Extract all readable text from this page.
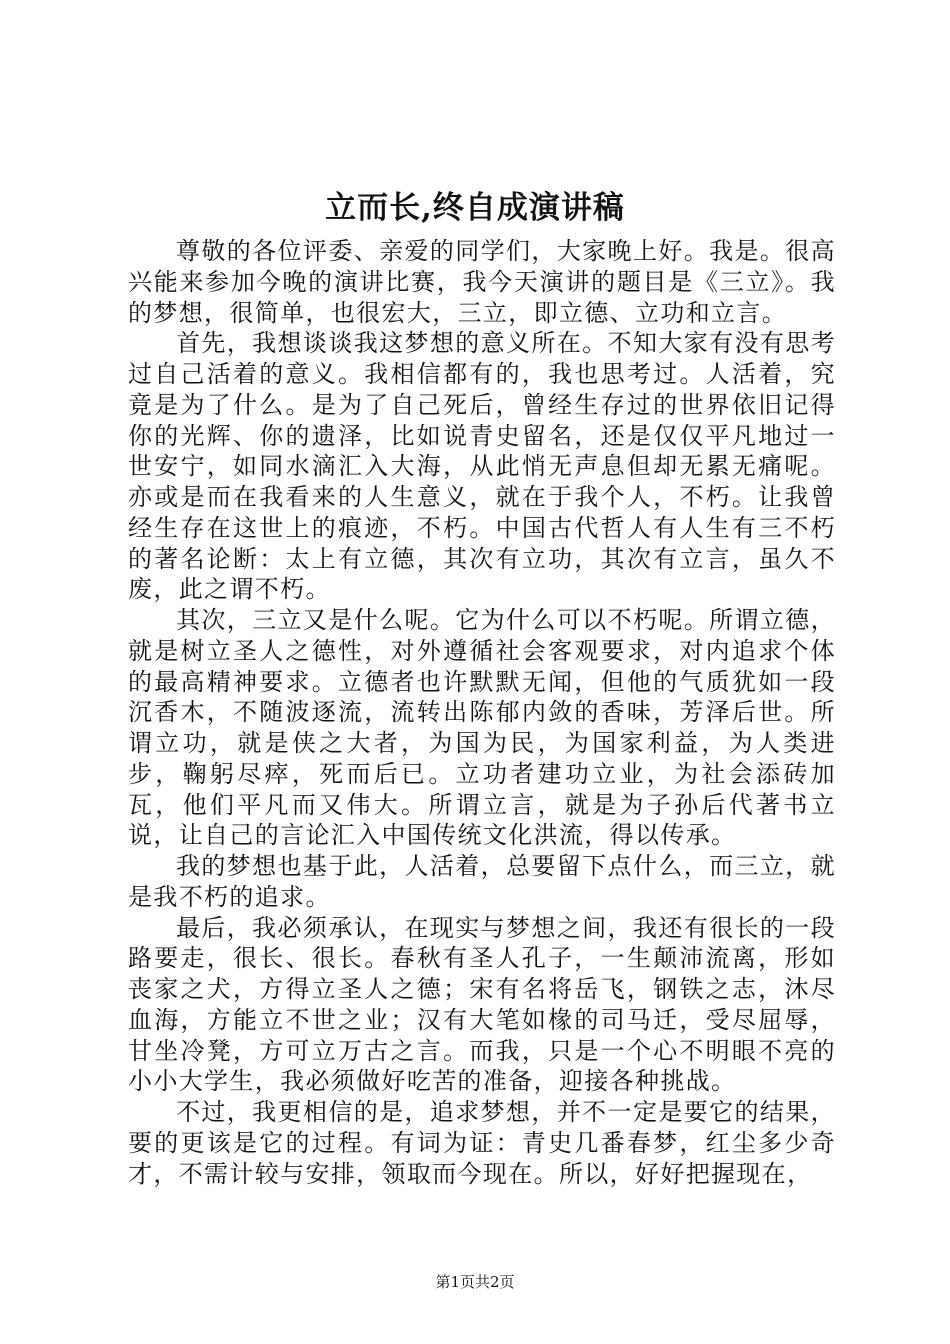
立而长,终自成演讲稿

尊敬的各位评委、亲爱的同学们，大家晚上好。我是。很高兴能来参加今晚的演讲比赛，我今天演讲的题目是《三立》。我的梦想，很简单，也很宏大，三立，即立德、立功和立言。

首先，我想谈谈我这梦想的意义所在。不知大家有没有思考过自己活着的意义。我相信都有的，我也思考过。人活着，究竟是为了什么。是为了自己死后，曾经生存过的世界依旧记得你的光辉、你的遗泽，比如说青史留名，还是仅仅平凡地过一世安宁，如同水滴汇入大海，从此悄无声息但却无累无痛呢。亦或是而在我看来的人生意义，就在于我个人，不朽。让我曾经生存在这世上的痕迹，不朽。中国古代哲人有人生有三不朽的著名论断：太上有立德，其次有立功，其次有立言，虽久不废，此之谓不朽。

其次，三立又是什么呢。它为什么可以不朽呢。所谓立德，就是树立圣人之德性，对外遵循社会客观要求，对内追求个体的最高精神要求。立德者也许默默无闻，但他的气质犹如一段沉香木，不随波逐流，流转出陈郁内敛的香味，芳泽后世。所谓立功，就是侠之大者，为国为民，为国家利益，为人类进步，鞠躬尽瘁，死而后已。立功者建功立业，为社会添砖加瓦，他们平凡而又伟大。所谓立言，就是为子孙后代著书立说，让自己的言论汇入中国传统文化洪流，得以传承。

我的梦想也基于此，人活着，总要留下点什么，而三立，就是我不朽的追求。

最后，我必须承认，在现实与梦想之间，我还有很长的一段路要走，很长、很长。春秋有圣人孔子，一生颠沛流离，形如丧家之犬，方得立圣人之德；宋有名将岳飞，钢铁之志，沐尽血海，方能立不世之业；汉有大笔如椽的司马迁，受尽屈辱，甘坐冷凳，方可立万古之言。而我，只是一个心不明眼不亮的小小大学生，我必须做好吃苦的准备，迎接各种挑战。

不过，我更相信的是，追求梦想，并不一定是要它的结果，要的更该是它的过程。有词为证：青史几番春梦，红尘多少奇才，不需计较与安排，领取而今现在。所以，好好把握现在，

第1页共2页
